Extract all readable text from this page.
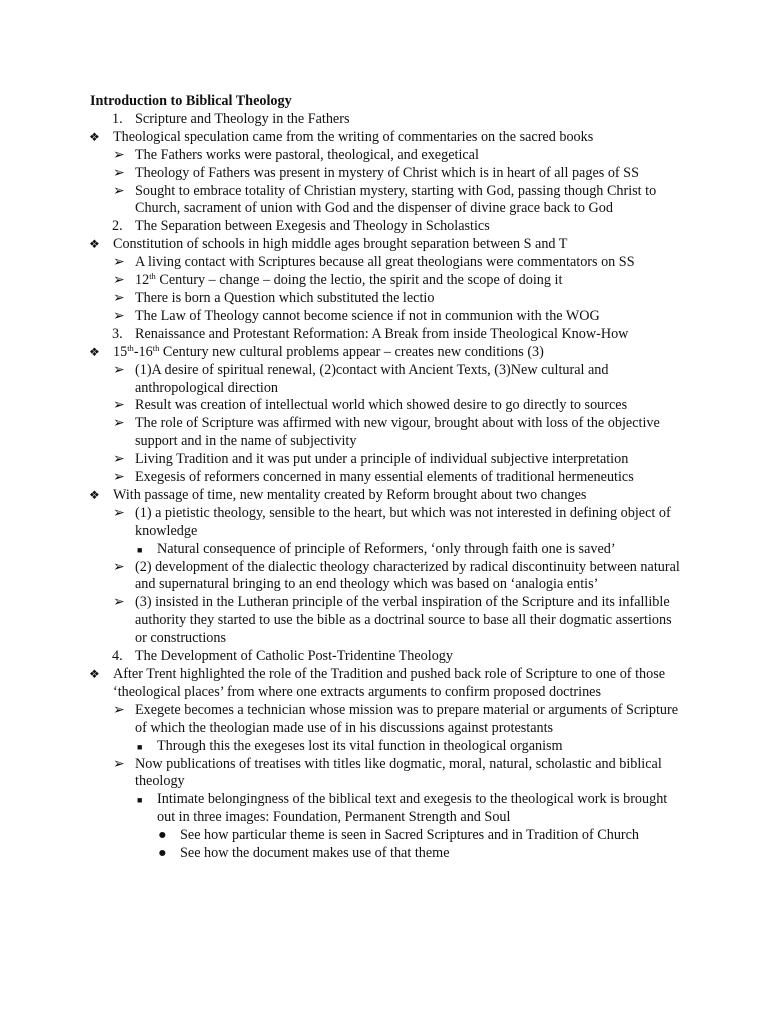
Introduction to Biblical Theology
1. Scripture and Theology in the Fathers
❖ Theological speculation came from the writing of commentaries on the sacred books
➢ The Fathers works were pastoral, theological, and exegetical
➢ Theology of Fathers was present in mystery of Christ which is in heart of all pages of SS
➢ Sought to embrace totality of Christian mystery, starting with God, passing though Christ to Church, sacrament of union with God and the dispenser of divine grace back to God
2. The Separation between Exegesis and Theology in Scholastics
❖ Constitution of schools in high middle ages brought separation between S and T
➢ A living contact with Scriptures because all great theologians were commentators on SS
➢ 12th Century – change – doing the lectio, the spirit and the scope of doing it
➢ There is born a Question which substituted the lectio
➢ The Law of Theology cannot become science if not in communion with the WOG
3. Renaissance and Protestant Reformation: A Break from inside Theological Know-How
❖ 15th-16th Century new cultural problems appear – creates new conditions (3)
➢ (1)A desire of spiritual renewal, (2)contact with Ancient Texts, (3)New cultural and anthropological direction
➢ Result was creation of intellectual world which showed desire to go directly to sources
➢ The role of Scripture was affirmed with new vigour, brought about with loss of the objective support and in the name of subjectivity
➢ Living Tradition and it was put under a principle of individual subjective interpretation
➢ Exegesis of reformers concerned in many essential elements of traditional hermeneutics
❖ With passage of time, new mentality created by Reform brought about two changes
➢ (1) a pietistic theology, sensible to the heart, but which was not interested in defining object of knowledge
■ Natural consequence of principle of Reformers, ‘only through faith one is saved’
➢ (2) development of the dialectic theology characterized by radical discontinuity between natural and supernatural bringing to an end theology which was based on ‘analogia entis’
➢ (3) insisted in the Lutheran principle of the verbal inspiration of the Scripture and its infallible authority they started to use the bible as a doctrinal source to base all their dogmatic assertions or constructions
4. The Development of Catholic Post-Tridentine Theology
❖ After Trent highlighted the role of the Tradition and pushed back role of Scripture to one of those ‘theological places’ from where one extracts arguments to confirm proposed doctrines
➢ Exegete becomes a technician whose mission was to prepare material or arguments of Scripture of which the theologian made use of in his discussions against protestants
■ Through this the exegeses lost its vital function in theological organism
➢ Now publications of treatises with titles like dogmatic, moral, natural, scholastic and biblical theology
■ Intimate belongingness of the biblical text and exegesis to the theological work is brought out in three images: Foundation, Permanent Strength and Soul
● See how particular theme is seen in Sacred Scriptures and in Tradition of Church
● See how the document makes use of that theme
